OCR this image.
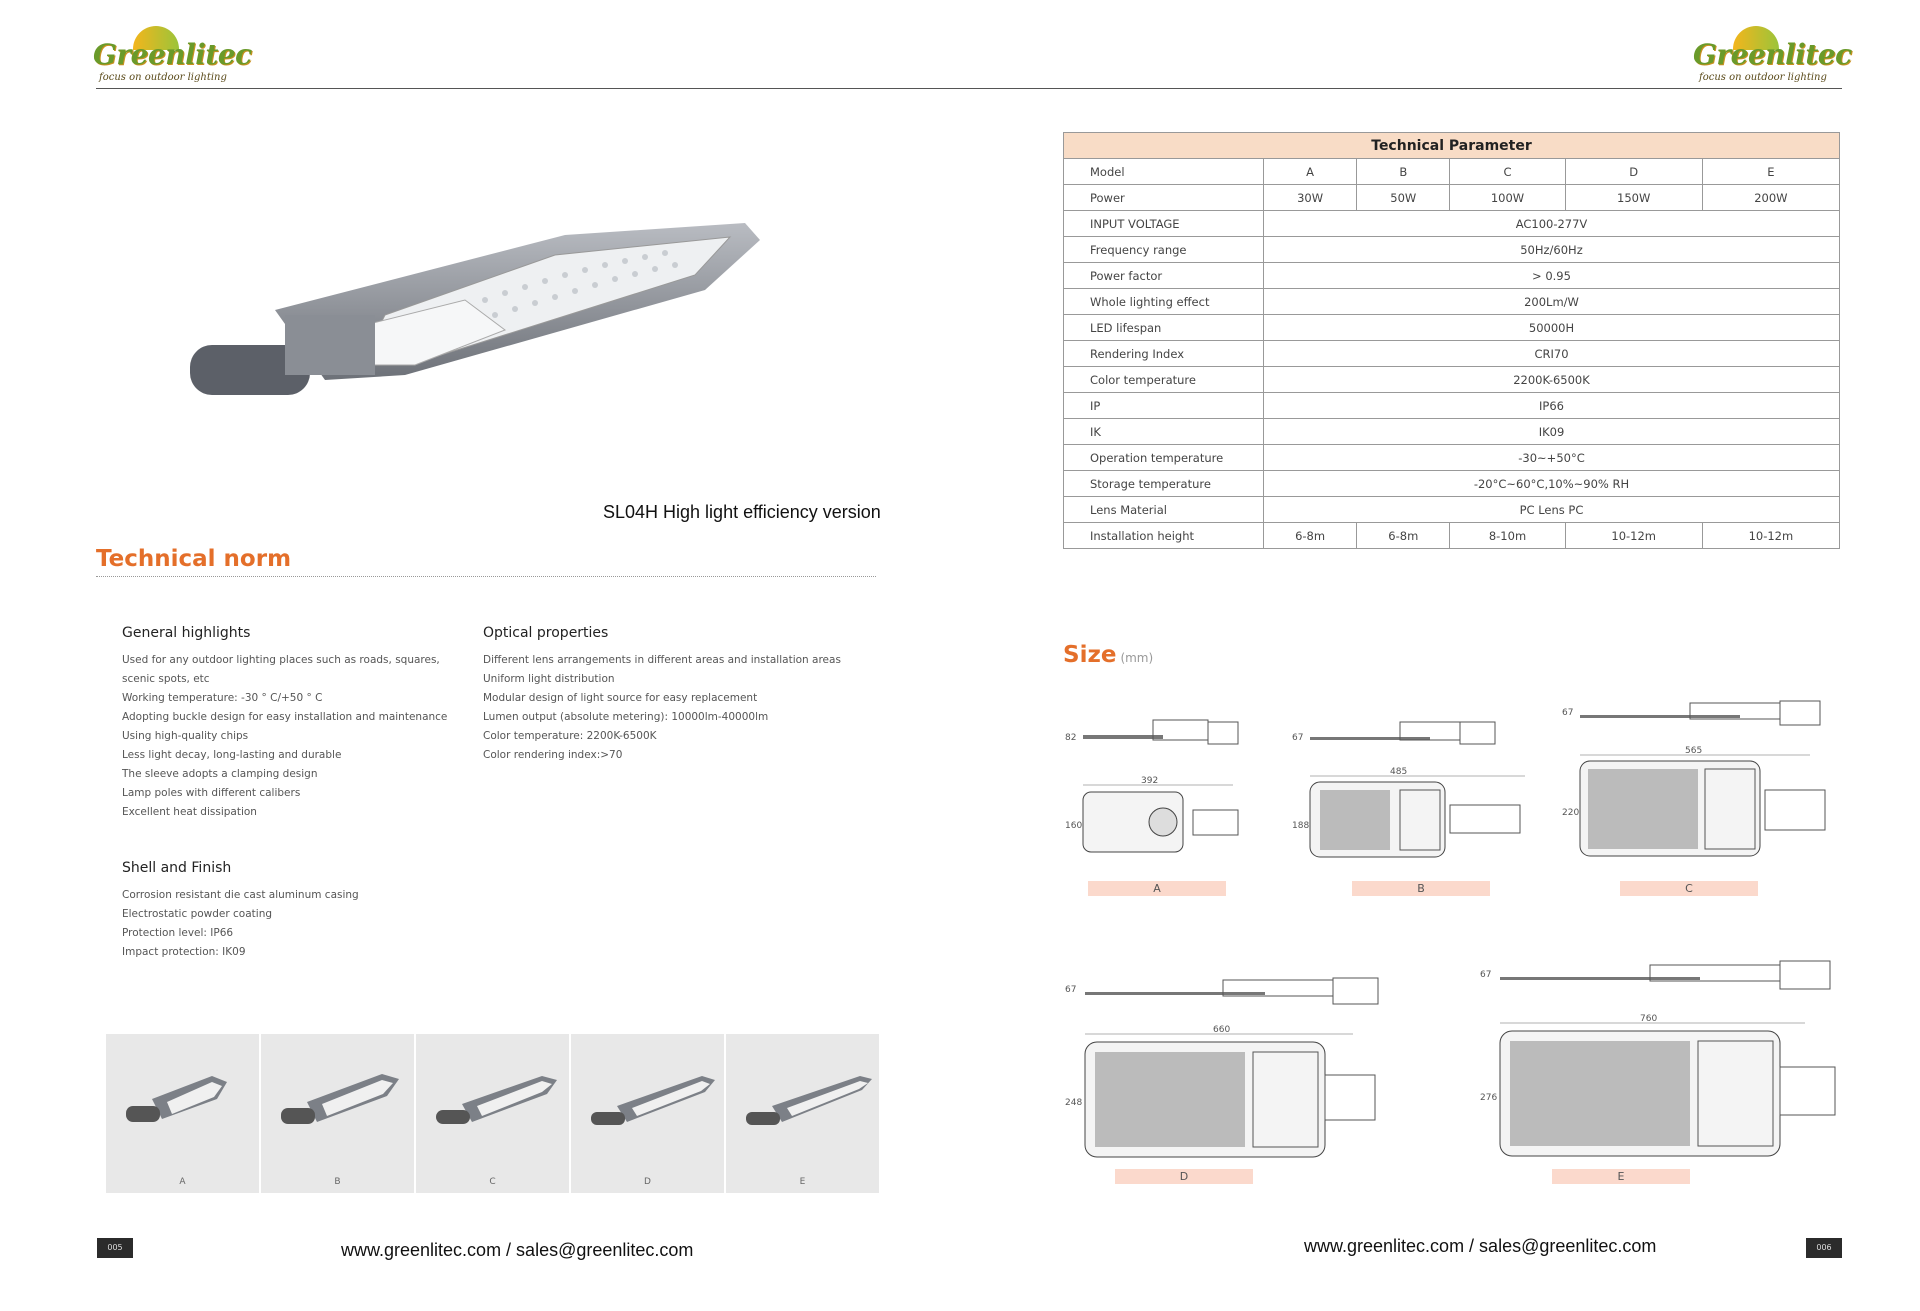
Greenlitec
focus on outdoor lighting
Greenlitec
focus on outdoor lighting
SL04H High light efficiency version
Technical norm
General highlights
Used for any outdoor lighting places such as roads, squares,
scenic spots, etc
Working temperature: -30 ° C/+50 ° C
Adopting buckle design for easy installation and maintenance
Using high-quality chips
Less light decay, long-lasting and durable
The sleeve adopts a clamping design
Lamp poles with different calibers
Excellent heat dissipation
Optical properties
Different lens arrangements in different areas and installation areas
Uniform light distribution
Modular design of light source for easy replacement
Lumen output (absolute metering): 10000lm-40000lm
Color temperature: 2200K-6500K
Color rendering index:>70
Shell and Finish
Corrosion resistant die cast aluminum casing
Electrostatic powder coating
Protection level: IP66
Impact protection: IK09
A	B	C	D	E
005	www.greenlitec.com / sales@greenlitec.com	www.greenlitec.com / sales@greenlitec.com	006
Technical Parameter					
Model	A	B	C	D	E
Power	30W	50W	100W	150W	200W
INPUT VOLTAGE	AC100-277V				
Frequency range	50Hz/60Hz				
Power factor	> 0.95				
Whole lighting effect	200Lm/W				
LED lifespan	50000H				
Rendering Index	CRI70				
Color temperature	2200K-6500K				
IP	IP66				
IK	IK09				
Operation temperature	-30~+50°C				
Storage temperature	-20°C~60°C,10%~90% RH				
Lens Material	PC Lens PC				
Installation height	6-8m	6-8m	8-10m	10-12m	10-12m
Size (mm)
82
392
160
A
67
485
188
B
67
565
220
C
67
660
248
D
67
760
276
E
